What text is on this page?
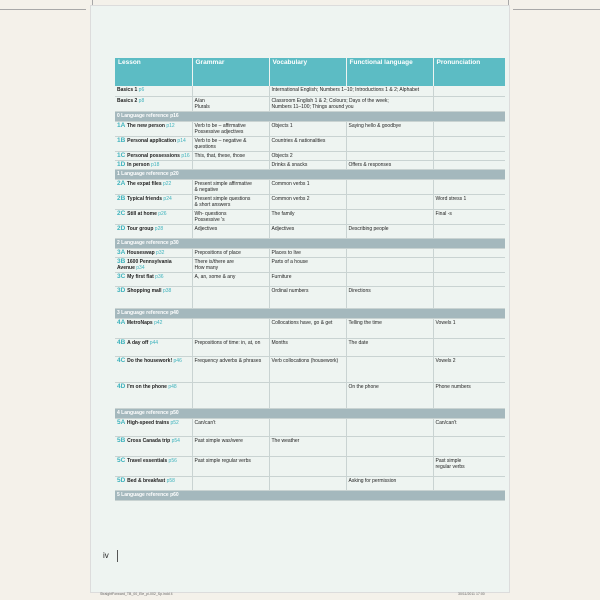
Lesson	Grammar	Vocabulary	Functional language	Pronunciation
Basics 1 p6		International English; Numbers 1–10; Introductions 1 & 2; Alphabet		
Basics 2 p8	A/an
Plurals	Classroom English 1 & 2; Colours; Days of the week;
Numbers 11–100; Things around you		
0 Language reference p16				
1A The new person p12	Verb to be – affirmative
Possessive adjectives	Objects 1	Saying hello & goodbye	
1B Personal application p14	Verb to be – negative &
questions	Countries & nationalities		
1C Personal possessions p16	This, that, these, those	Objects 2		
1D In person p18		Drinks & snacks	Offers & responses	
1 Language reference p20				
2A The expat files p22	Present simple affirmative
& negative	Common verbs 1		
2B Typical friends p24	Present simple questions
& short answers	Common verbs 2		Word stress 1
2C Still at home p26	Wh- questions
Possessive 's	The family		Final -s
2D Tour group p28	Adjectives	Adjectives	Describing people	
2 Language reference p30				
3A Houseswap p32	Prepositions of place	Places to live		
3B 1600 Pennsylvania
Avenue p34	There is/there are
How many	Parts of a house		
3C My first flat p36	A, an, some & any	Furniture		
3D Shopping mall p38		Ordinal numbers	Directions	
3 Language reference p40				
4A MetroNaps p42		Collocations have, go & get	Telling the time	Vowels 1
4B A day off p44	Prepositions of time: in, at, on	Months	The date	
4C Do the housework! p46	Frequency adverbs & phrases	Verb collocations (housework)		Vowels 2
4D I'm on the phone p48			On the phone	Phone numbers
4 Language reference p50				
5A High-speed trains p52	Can/can't			Can/can't
5B Cross Canada trip p54	Past simple was/were	The weather		
5C Travel essentials p56	Past simple regular verbs			Past simple
regular verbs
5D Bed & breakfast p58			Asking for permission	
5 Language reference p60				
iv
StraightForward_TB_00_Ele_pi-002_Sp.indd 4	30/11/2011 17:00
